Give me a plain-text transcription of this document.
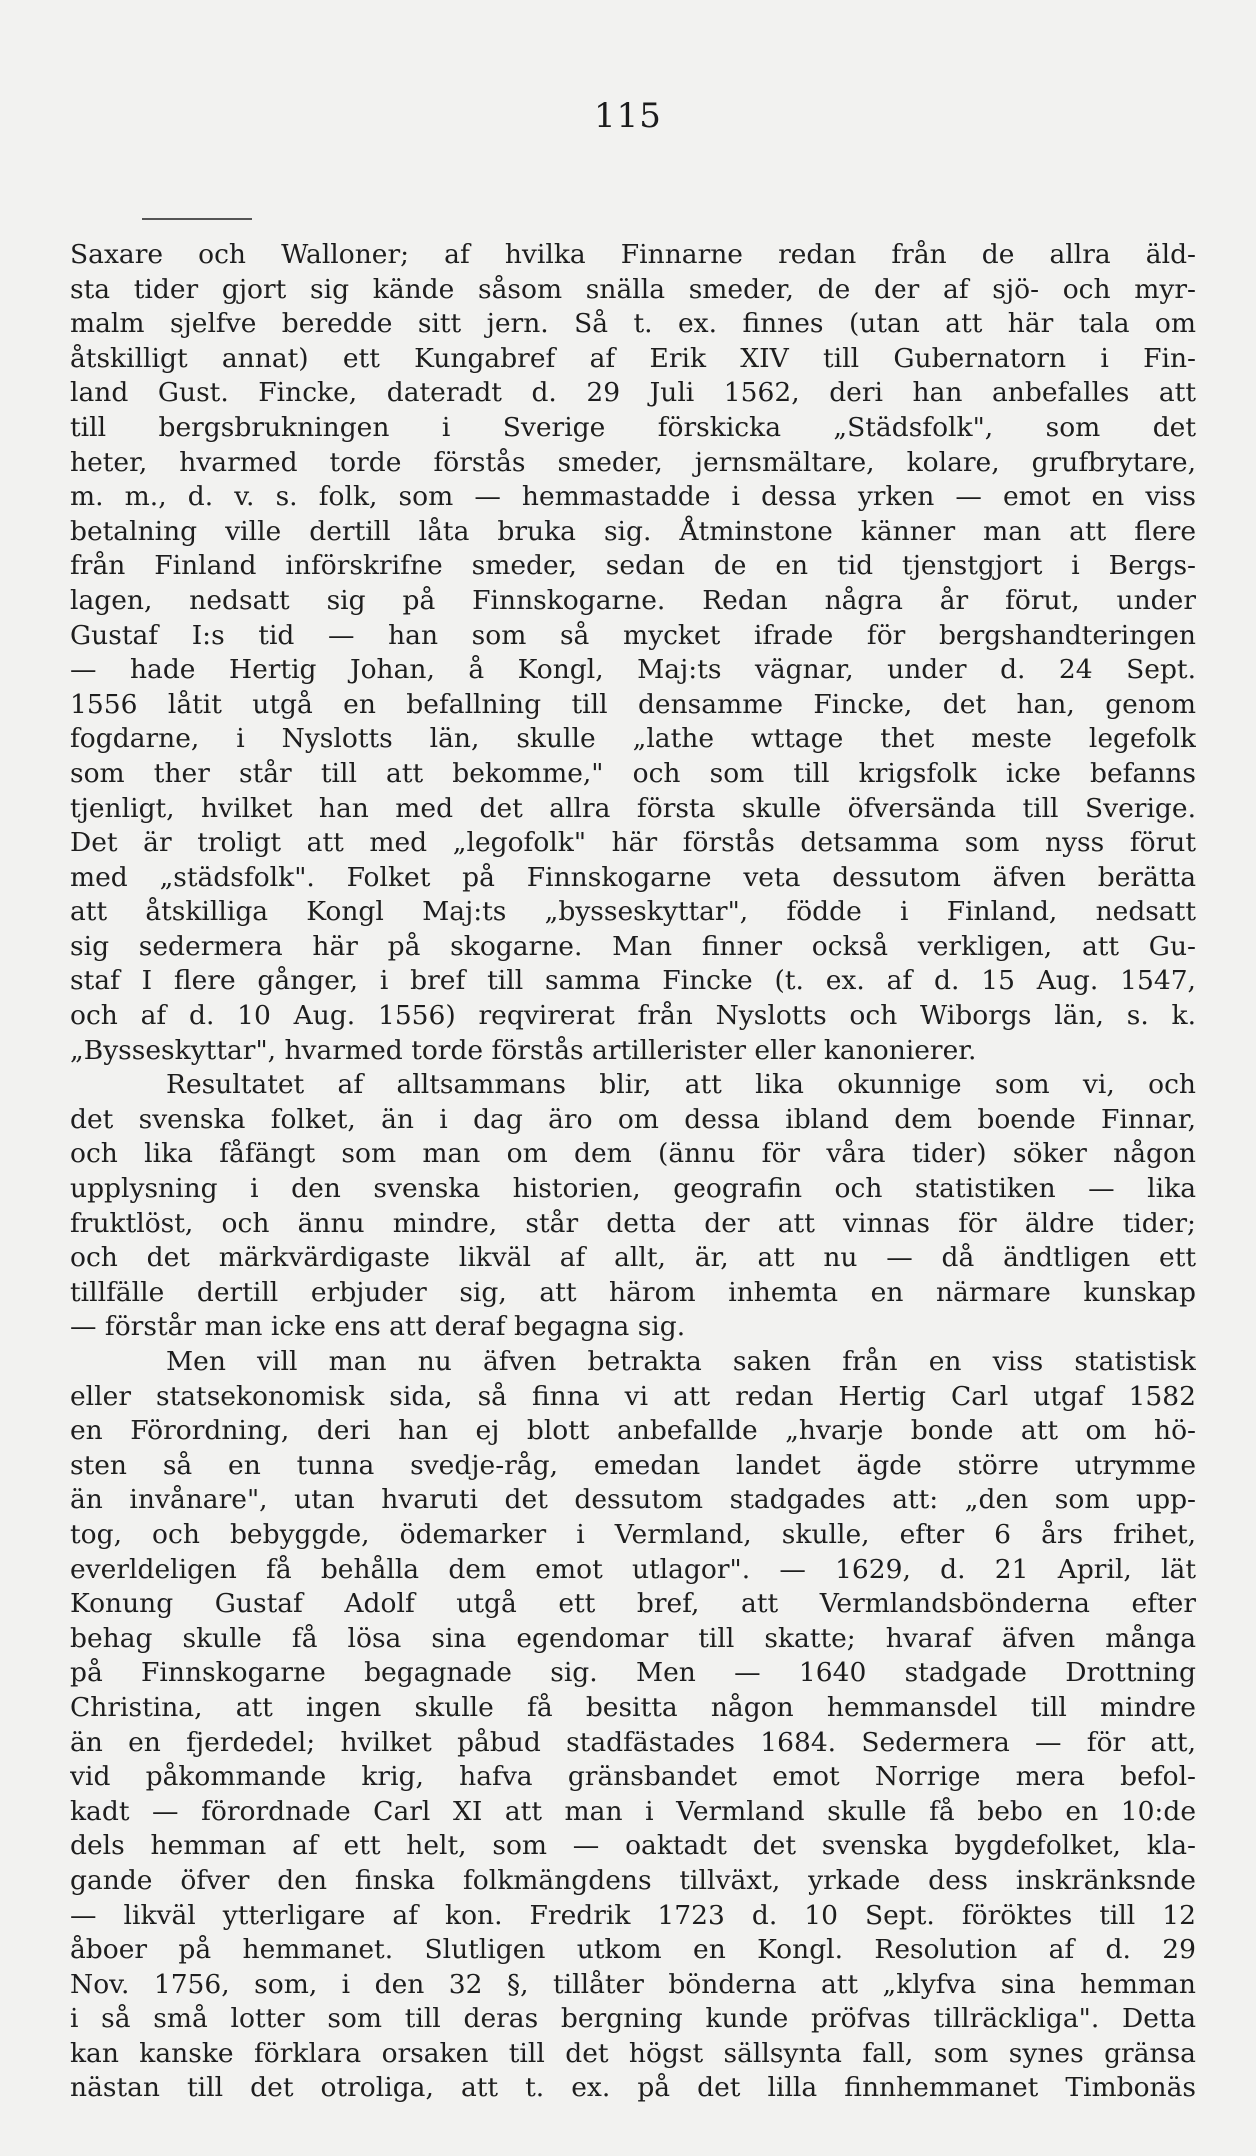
115
Saxare och Walloner; af hvilka Finnarne redan från de allra äld-
sta tider gjort sig kände såsom snälla smeder, de der af sjö- och myr-
malm sjelfve beredde sitt jern. Så t. ex. finnes (utan att här tala om
åtskilligt annat) ett Kungabref af Erik XIV till Gubernatorn i Fin-
land Gust. Fincke, dateradt d. 29 Juli 1562, deri han anbefalles att
till bergsbrukningen i Sverige förskicka „Städsfolk", som det
heter, hvarmed torde förstås smeder, jernsmältare, kolare, grufbrytare,
m. m., d. v. s. folk, som — hemmastadde i dessa yrken — emot en viss
betalning ville dertill låta bruka sig. Åtminstone känner man att flere
från Finland införskrifne smeder, sedan de en tid tjenstgjort i Bergs-
lagen, nedsatt sig på Finnskogarne. Redan några år förut, under
Gustaf I:s tid — han som så mycket ifrade för bergshandteringen
— hade Hertig Johan, å Kongl, Maj:ts vägnar, under d. 24 Sept.
1556 låtit utgå en befallning till densamme Fincke, det han, genom
fogdarne, i Nyslotts län, skulle „lathe wttage thet meste legefolk
som ther står till att bekomme," och som till krigsfolk icke befanns
tjenligt, hvilket han med det allra första skulle öfversända till Sverige.
Det är troligt att med „legofolk" här förstås detsamma som nyss förut
med „städsfolk". Folket på Finnskogarne veta dessutom äfven berätta
att åtskilliga Kongl Maj:ts „bysseskyttar", födde i Finland, nedsatt
sig sedermera här på skogarne. Man finner också verkligen, att Gu-
staf I flere gånger, i bref till samma Fincke (t. ex. af d. 15 Aug. 1547,
och af d. 10 Aug. 1556) reqvirerat från Nyslotts och Wiborgs län, s. k.
„Bysseskyttar", hvarmed torde förstås artillerister eller kanonierer.
Resultatet af alltsammans blir, att lika okunnige som vi, och
det svenska folket, än i dag äro om dessa ibland dem boende Finnar,
och lika fåfängt som man om dem (ännu för våra tider) söker någon
upplysning i den svenska historien, geografin och statistiken — lika
fruktlöst, och ännu mindre, står detta der att vinnas för äldre tider;
och det märkvärdigaste likväl af allt, är, att nu — då ändtligen ett
tillfälle dertill erbjuder sig, att härom inhemta en närmare kunskap
— förstår man icke ens att deraf begagna sig.
Men vill man nu äfven betrakta saken från en viss statistisk
eller statsekonomisk sida, så finna vi att redan Hertig Carl utgaf 1582
en Förordning, deri han ej blott anbefallde „hvarje bonde att om hö-
sten så en tunna svedje-råg, emedan landet ägde större utrymme
än invånare", utan hvaruti det dessutom stadgades att: „den som upp-
tog, och bebyggde, ödemarker i Vermland, skulle, efter 6 års frihet,
everldeligen få behålla dem emot utlagor". — 1629, d. 21 April, lät
Konung Gustaf Adolf utgå ett bref, att Vermlandsbönderna efter
behag skulle få lösa sina egendomar till skatte; hvaraf äfven många
på Finnskogarne begagnade sig. Men — 1640 stadgade Drottning
Christina, att ingen skulle få besitta någon hemmansdel till mindre
än en fjerdedel; hvilket påbud stadfästades 1684. Sedermera — för att,
vid påkommande krig, hafva gränsbandet emot Norrige mera befol-
kadt — förordnade Carl XI att man i Vermland skulle få bebo en 10:de
dels hemman af ett helt, som — oaktadt det svenska bygdefolket, kla-
gande öfver den finska folkmängdens tillväxt, yrkade dess inskränksnde
— likväl ytterligare af kon. Fredrik 1723 d. 10 Sept. föröktes till 12
åboer på hemmanet. Slutligen utkom en Kongl. Resolution af d. 29
Nov. 1756, som, i den 32 §, tillåter bönderna att „klyfva sina hemman
i så små lotter som till deras bergning kunde pröfvas tillräckliga". Detta
kan kanske förklara orsaken till det högst sällsynta fall, som synes gränsa
nästan till det otroliga, att t. ex. på det lilla finnhemmanet Timbonäs
